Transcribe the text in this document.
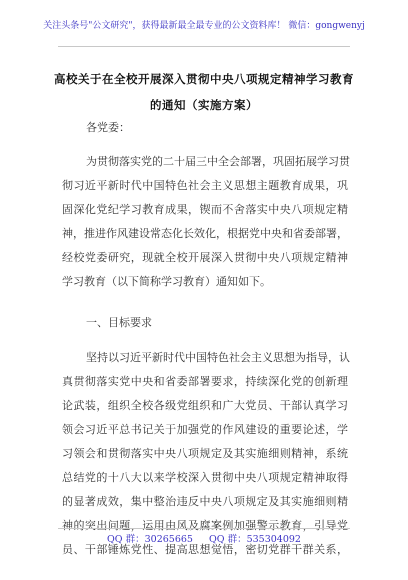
关注头条号"公文研究"，获得最新最全最专业的公文资料库！ 微信：gongwenyj
高校关于在全校开展深入贯彻中央八项规定精神学习教育
的通知（实施方案）
各党委：
为贯彻落实党的二十届三中全会部署，巩固拓展学习贯
彻习近平新时代中国特色社会主义思想主题教育成果，巩
固深化党纪学习教育成果，锲而不舍落实中央八项规定精
神，推进作风建设常态化长效化，根据党中央和省委部署，
经校党委研究，现就全校开展深入贯彻中央八项规定精神
学习教育（以下简称学习教育）通知如下。
一、目标要求
坚持以习近平新时代中国特色社会主义思想为指导，认
真贯彻落实党中央和省委部署要求，持续深化党的创新理
论武装，组织全校各级党组织和广大党员、干部认真学习
领会习近平总书记关于加强党的作风建设的重要论述，学
习领会和贯彻落实中央八项规定及其实施细则精神，系统
总结党的十八大以来学校深入贯彻中央八项规定精神取得
的显著成效，集中整治违反中央八项规定及其实施细则精
神的突出问题，运用由风及腐案例加强警示教育，引导党
员、干部锤炼党性、提高思想觉悟，密切党群干群关系，
QQ 群：30265665 QQ 群：535304092
